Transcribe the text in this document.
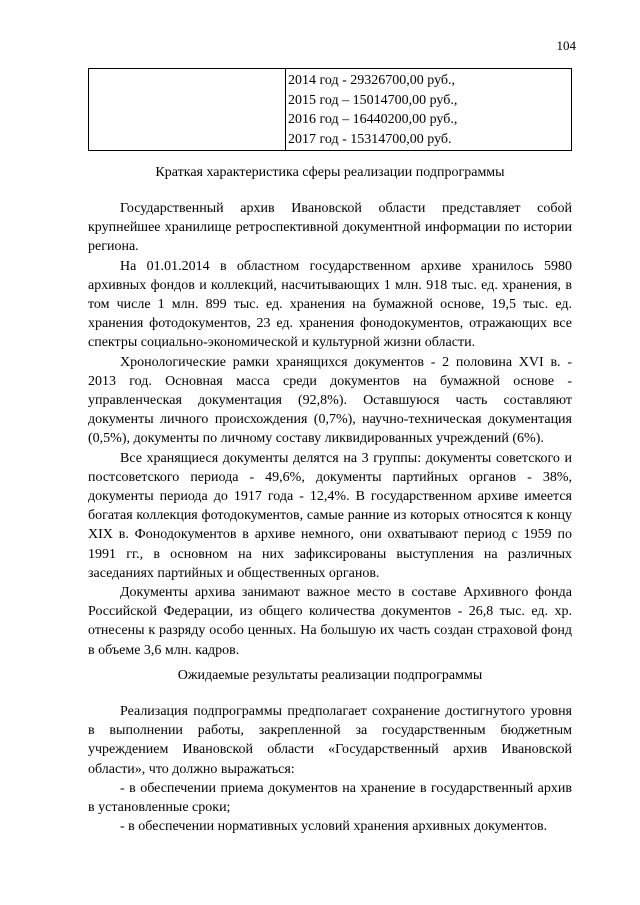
104

2014 год - 29326700,00 руб.,
2015 год – 15014700,00 руб.,
2016 год – 16440200,00 руб.,
2017 год - 15314700,00 руб.
Краткая характеристика сферы реализации подпрограммы

Государственный архив Ивановской области представляет собой крупнейшее хранилище ретроспективной документной информации по истории региона.

На 01.01.2014 в областном государственном архиве хранилось 5980 архивных фондов и коллекций, насчитывающих 1 млн. 918 тыс. ед. хранения, в том числе 1 млн. 899 тыс. ед. хранения на бумажной основе, 19,5 тыс. ед. хранения фотодокументов, 23 ед. хранения фонодокументов, отражающих все спектры социально-экономической и культурной жизни области.

Хронологические рамки хранящихся документов - 2 половина XVI в. - 2013 год. Основная масса среди документов на бумажной основе - управленческая документация (92,8%). Оставшуюся часть составляют документы личного происхождения (0,7%), научно-техническая документация (0,5%), документы по личному составу ликвидированных учреждений (6%).

Все хранящиеся документы делятся на 3 группы: документы советского и постсоветского периода - 49,6%, документы партийных органов - 38%, документы периода до 1917 года - 12,4%. В государственном архиве имеется богатая коллекция фотодокументов, самые ранние из которых относятся к концу XIX в. Фонодокументов в архиве немного, они охватывают период с 1959 по 1991 гг., в основном на них зафиксированы выступления на различных заседаниях партийных и общественных органов.

Документы архива занимают важное место в составе Архивного фонда Российской Федерации, из общего количества документов - 26,8 тыс. ед. хр. отнесены к разряду особо ценных. На большую их часть создан страховой фонд в объеме 3,6 млн. кадров.

Ожидаемые результаты реализации подпрограммы

Реализация подпрограммы предполагает сохранение достигнутого уровня в выполнении работы, закрепленной за государственным бюджетным учреждением Ивановской области «Государственный архив Ивановской области», что должно выражаться:

- в обеспечении приема документов на хранение в государственный архив в установленные сроки;

- в обеспечении нормативных условий хранения архивных документов.
